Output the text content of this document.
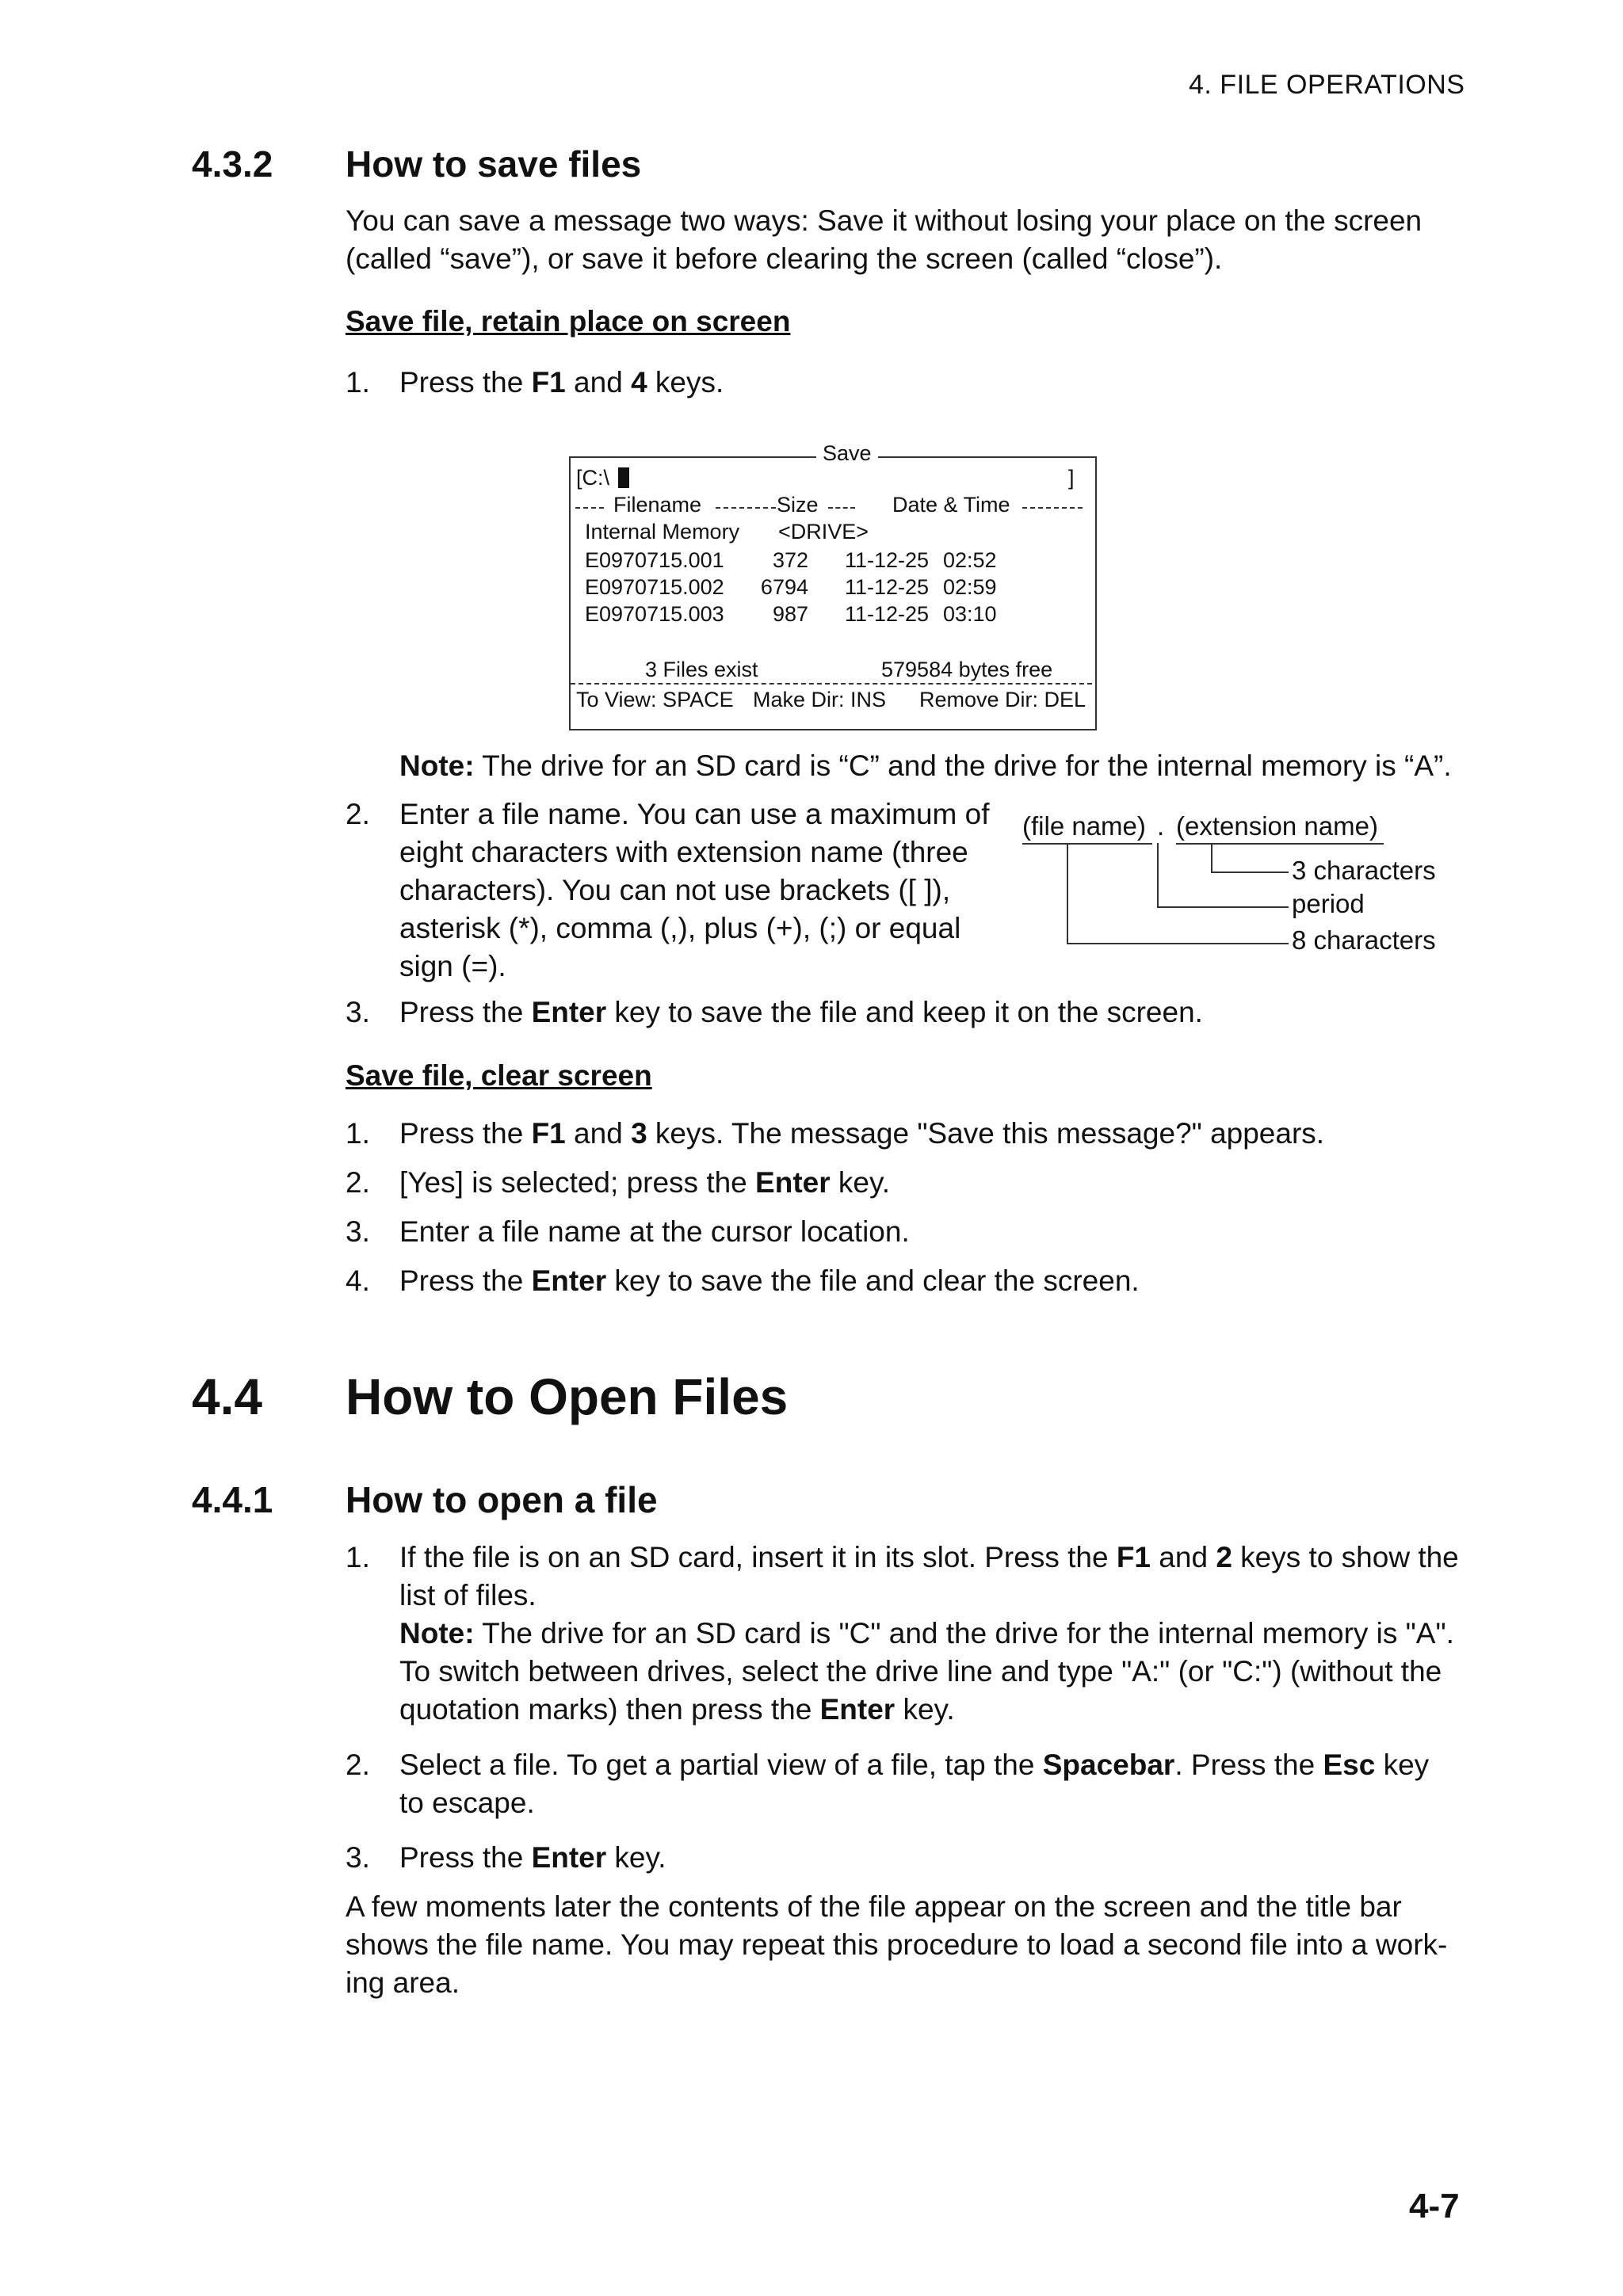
4. FILE OPERATIONS
4.3.2 How to save files
You can save a message two ways: Save it without losing your place on the screen
(called “save”), or save it before clearing the screen (called “close”).
Save file, retain place on screen
1. Press the F1 and 4 keys.
Save
[C:\	]
Filename	Size	Date & Time
Internal Memory <DRIVE>
E0970715.001 372 11-12-25 02:52
E0970715.002	6794 11-12-25 02:59
E0970715.003 987 11-12-25 03:10
3 Files exist	579584 bytes free
To View: SPACE Make Dir: INS Remove Dir: DEL
Note: The drive for an SD card is “C” and the drive for the internal memory is “A”.
2. Enter a file name. You can use a maximum of
eight characters with extension name (three
characters). You can not use brackets ([ ]),
asterisk (*), comma (,), plus (+), (;) or equal
sign (=).
(file name) . (extension name)
3 characters
period
8 characters
3. Press the Enter key to save the file and keep it on the screen.
Save file, clear screen
1. Press the F1 and 3 keys. The message "Save this message?" appears.
2. [Yes] is selected; press the Enter key.
3. Enter a file name at the cursor location.
4. Press the Enter key to save the file and clear the screen.
4.4 How to Open Files
4.4.1 How to open a file
1. If the file is on an SD card, insert it in its slot. Press the F1 and 2 keys to show the
list of files.
Note: The drive for an SD card is "C" and the drive for the internal memory is "A".
To switch between drives, select the drive line and type "A:" (or "C:") (without the
quotation marks) then press the Enter key.
2. Select a file. To get a partial view of a file, tap the Spacebar. Press the Esc key
to escape.
3. Press the Enter key.
A few moments later the contents of the file appear on the screen and the title bar
shows the file name. You may repeat this procedure to load a second file into a work-
ing area.
4-7
